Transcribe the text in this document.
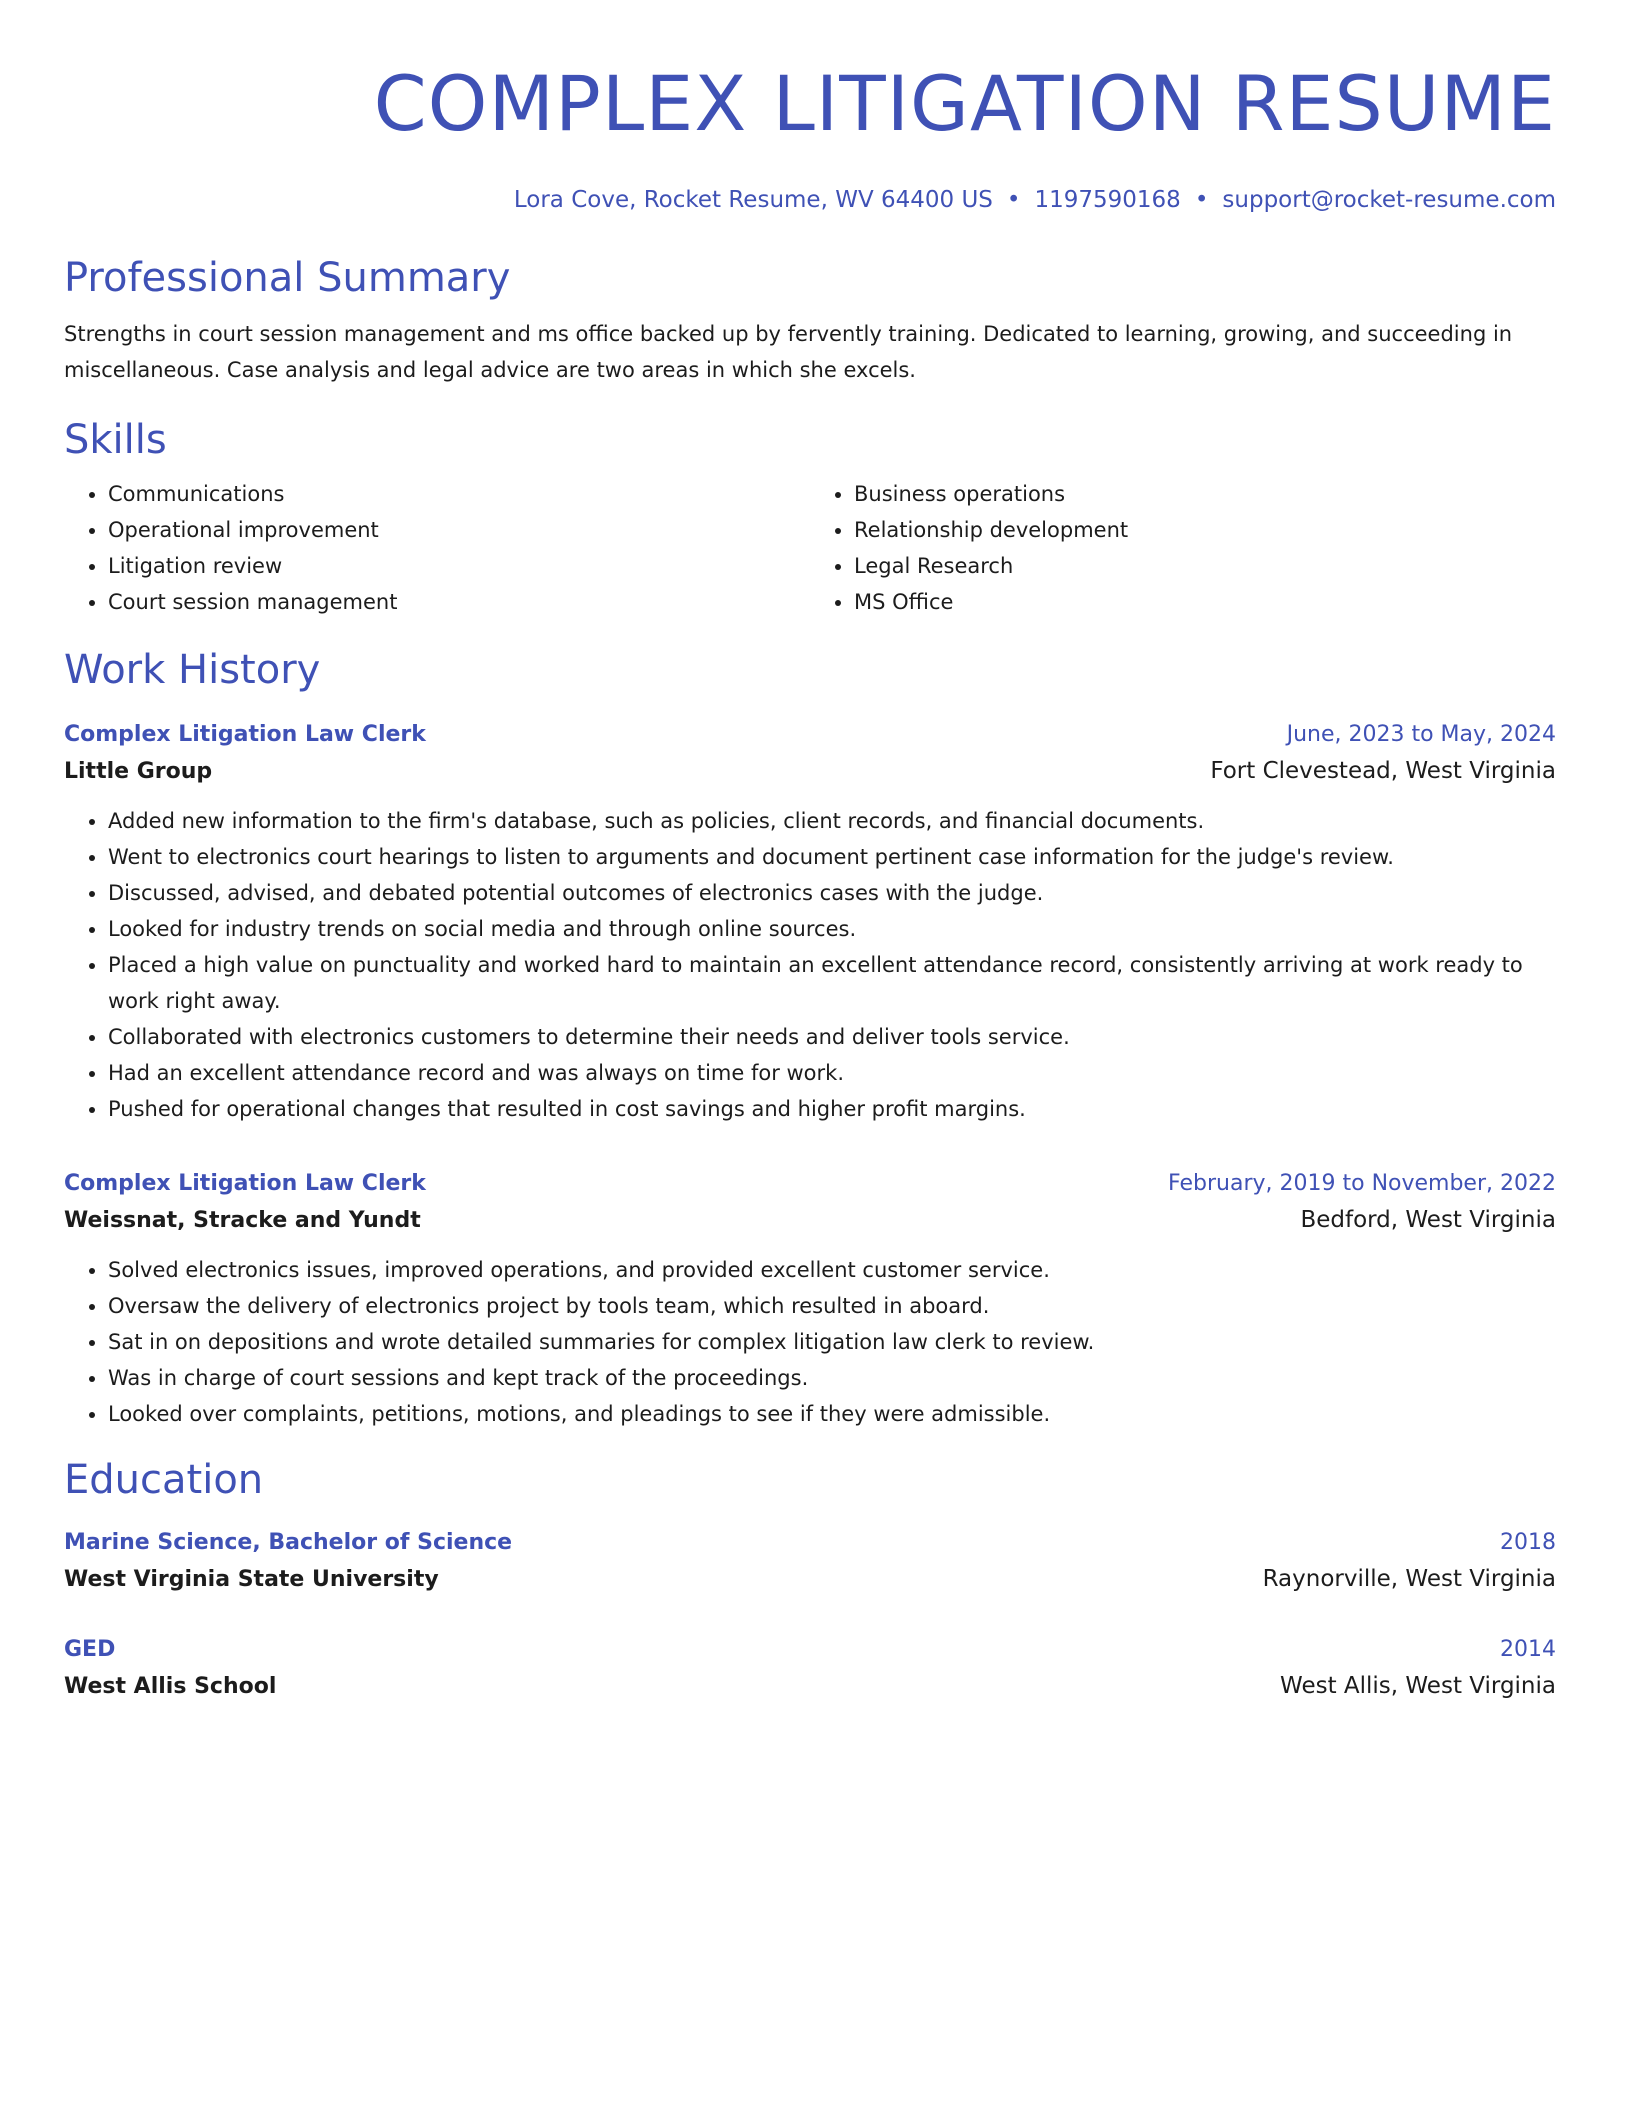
COMPLEX LITIGATION RESUME
Lora Cove, Rocket Resume, WV 64400 US • 1197590168 • support@rocket-resume.com
Professional Summary

Strengths in court session management and ms office backed up by fervently training. Dedicated to learning, growing, and succeeding in miscellaneous. Case analysis and legal advice are two areas in which she excels.

Skills
• Communications
• Operational improvement
• Litigation review
• Court session management
• Business operations
• Relationship development
• Legal Research
• MS Office
Work History
Complex Litigation Law Clerk	June, 2023 to May, 2024
Little Group	Fort Clevestead, West Virginia
• Added new information to the firm's database, such as policies, client records, and financial documents.
• Went to electronics court hearings to listen to arguments and document pertinent case information for the judge's review.
• Discussed, advised, and debated potential outcomes of electronics cases with the judge.
• Looked for industry trends on social media and through online sources.
• Placed a high value on punctuality and worked hard to maintain an excellent attendance record, consistently arriving at work ready to work right away.
• Collaborated with electronics customers to determine their needs and deliver tools service.
• Had an excellent attendance record and was always on time for work.
• Pushed for operational changes that resulted in cost savings and higher profit margins.
Complex Litigation Law Clerk	February, 2019 to November, 2022
Weissnat, Stracke and Yundt	Bedford, West Virginia
• Solved electronics issues, improved operations, and provided excellent customer service.
• Oversaw the delivery of electronics project by tools team, which resulted in aboard.
• Sat in on depositions and wrote detailed summaries for complex litigation law clerk to review.
• Was in charge of court sessions and kept track of the proceedings.
• Looked over complaints, petitions, motions, and pleadings to see if they were admissible.
Education
Marine Science, Bachelor of Science	2018
West Virginia State University	Raynorville, West Virginia
GED	2014
West Allis School	West Allis, West Virginia
